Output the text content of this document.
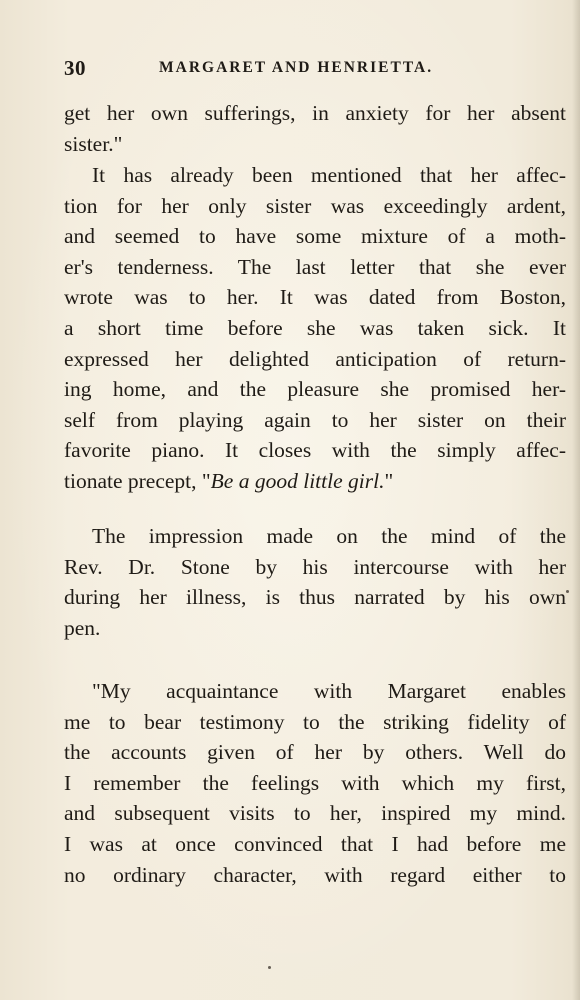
30	MARGARET AND HENRIETTA.
get her own sufferings, in anxiety for her absent
sister."
It has already been mentioned that her affec-
tion for her only sister was exceedingly ardent,
and seemed to have some mixture of a moth-
er's tenderness. The last letter that she ever
wrote was to her. It was dated from Boston,
a short time before she was taken sick. It
expressed her delighted anticipation of return-
ing home, and the pleasure she promised her-
self from playing again to her sister on their
favorite piano. It closes with the simply affec-
tionate precept, "Be a good little girl."
The impression made on the mind of the
Rev. Dr. Stone by his intercourse with her
during her illness, is thus narrated by his own
pen.
"My acquaintance with Margaret enables
me to bear testimony to the striking fidelity of
the accounts given of her by others. Well do
I remember the feelings with which my first,
and subsequent visits to her, inspired my mind.
I was at once convinced that I had before me
no ordinary character, with regard either to
